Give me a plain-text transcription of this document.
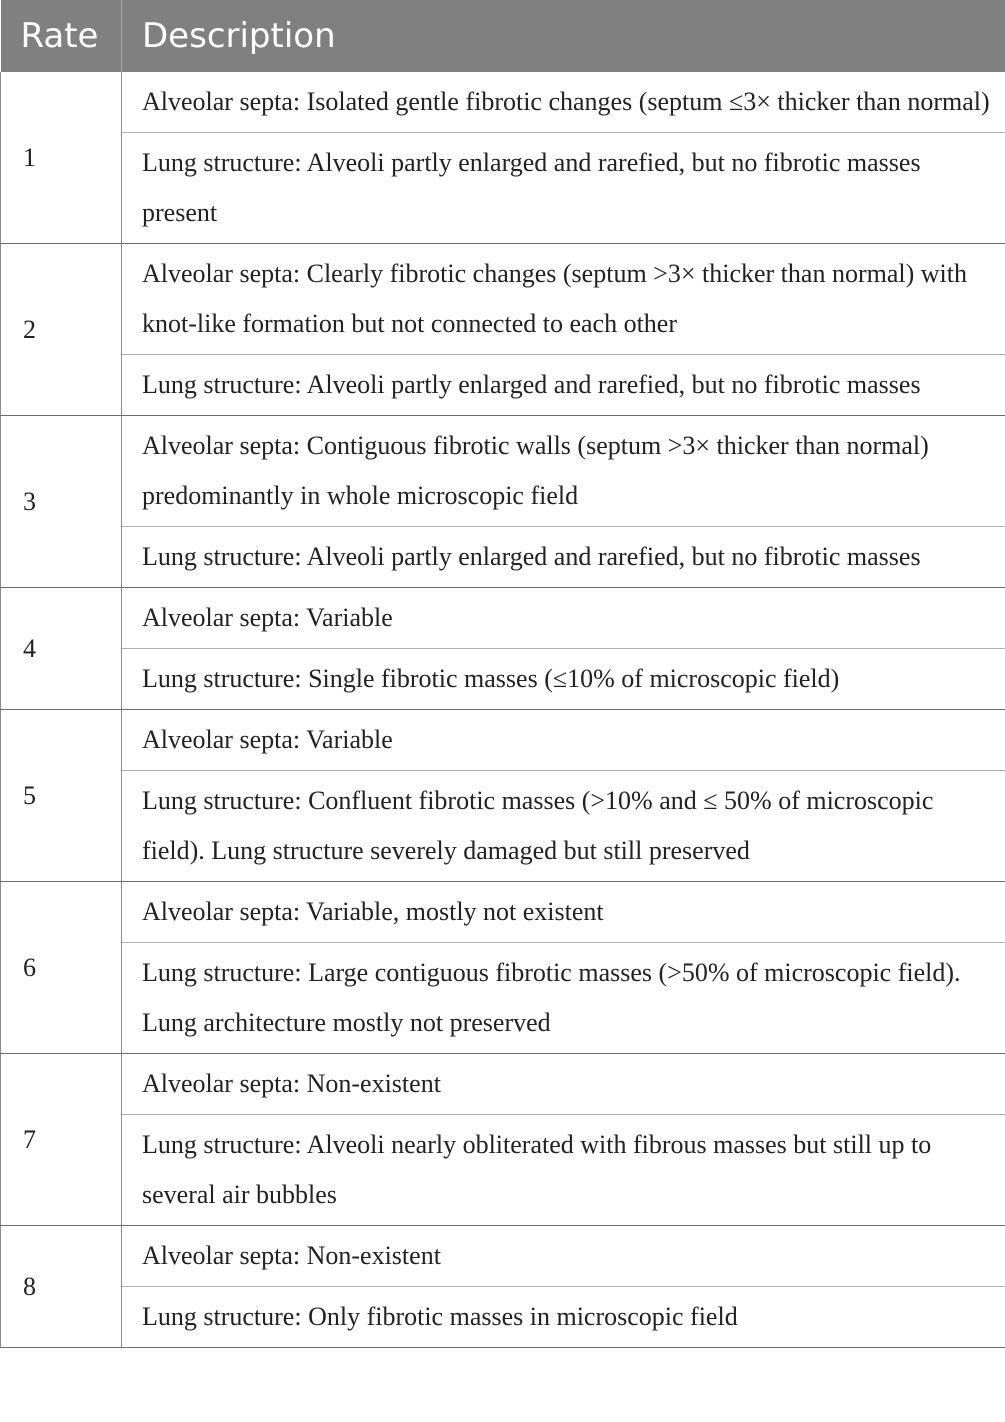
Rate	Description
1	Alveolar septa: Isolated gentle fibrotic changes (septum ≤3× thicker than normal)
	Lung structure: Alveoli partly enlarged and rarefied, but no fibrotic masses present
2	Alveolar septa: Clearly fibrotic changes (septum >3× thicker than normal) with knot-like formation but not connected to each other
	Lung structure: Alveoli partly enlarged and rarefied, but no fibrotic masses
3	Alveolar septa: Contiguous fibrotic walls (septum >3× thicker than normal) predominantly in whole microscopic field
	Lung structure: Alveoli partly enlarged and rarefied, but no fibrotic masses
4	Alveolar septa: Variable
	Lung structure: Single fibrotic masses (≤10% of microscopic field)
5	Alveolar septa: Variable
	Lung structure: Confluent fibrotic masses (>10% and ≤ 50% of microscopic field). Lung structure severely damaged but still preserved
6	Alveolar septa: Variable, mostly not existent
	Lung structure: Large contiguous fibrotic masses (>50% of microscopic field). Lung architecture mostly not preserved
7	Alveolar septa: Non-existent
	Lung structure: Alveoli nearly obliterated with fibrous masses but still up to several air bubbles
8	Alveolar septa: Non-existent
	Lung structure: Only fibrotic masses in microscopic field
